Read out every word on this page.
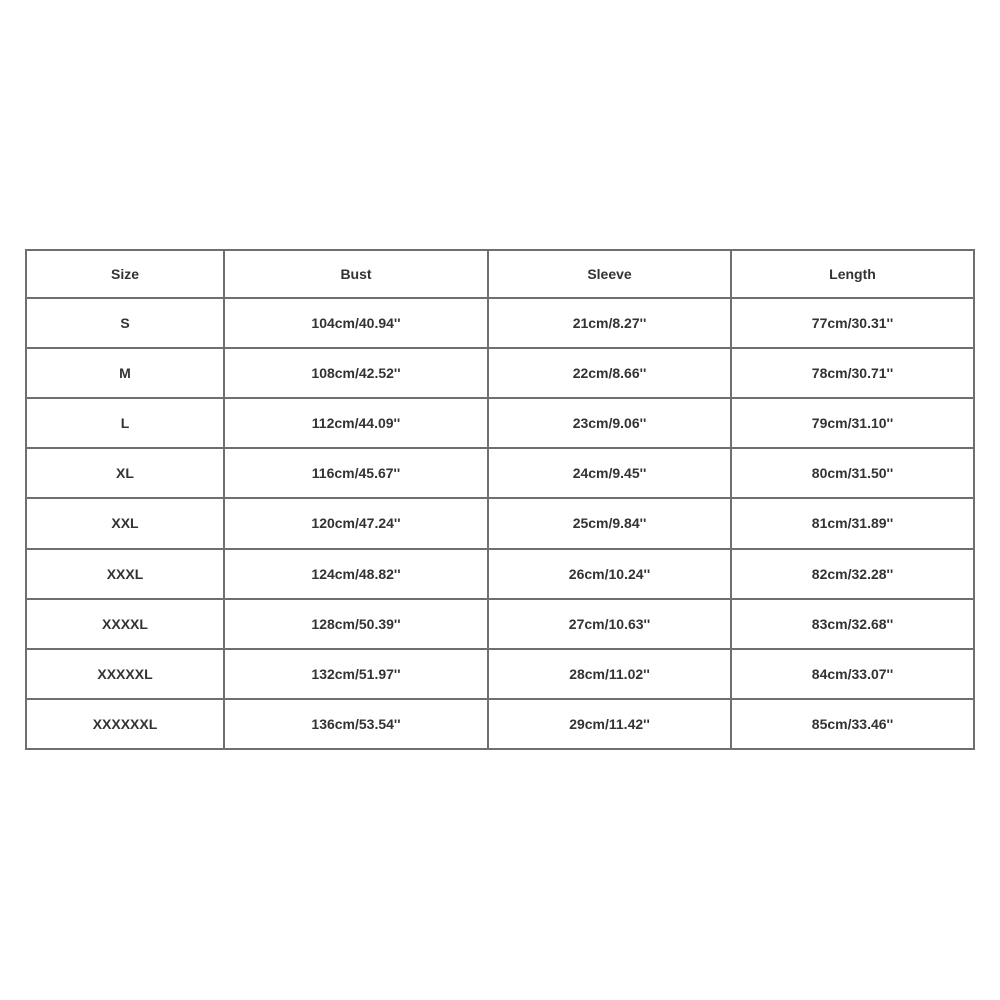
Size	Bust	Sleeve	Length
S	104cm/40.94''	21cm/8.27''	77cm/30.31''
M	108cm/42.52''	22cm/8.66''	78cm/30.71''
L	112cm/44.09''	23cm/9.06''	79cm/31.10''
XL	116cm/45.67''	24cm/9.45''	80cm/31.50''
XXL	120cm/47.24''	25cm/9.84''	81cm/31.89''
XXXL	124cm/48.82''	26cm/10.24''	82cm/32.28''
XXXXL	128cm/50.39''	27cm/10.63''	83cm/32.68''
XXXXXL	132cm/51.97''	28cm/11.02''	84cm/33.07''
XXXXXXL	136cm/53.54''	29cm/11.42''	85cm/33.46''
